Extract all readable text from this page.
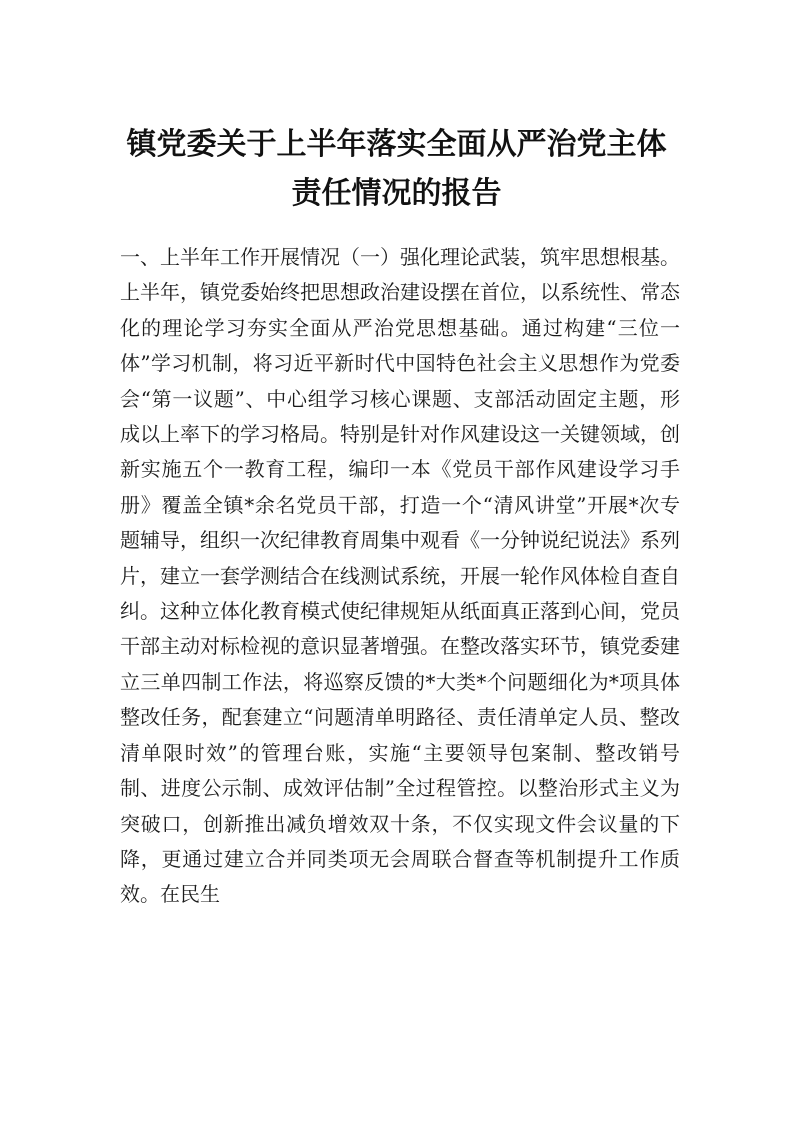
镇党委关于上半年落实全面从严治党主体
责任情况的报告

一、上半年工作开展情况（一）强化理论武装，筑牢思想根基。上半年，镇党委始终把思想政治建设摆在首位，以系统性、常态化的理论学习夯实全面从严治党思想基础。通过构建“三位一体”学习机制，将习近平新时代中国特色社会主义思想作为党委会“第一议题”、中心组学习核心课题、支部活动固定主题，形成以上率下的学习格局。特别是针对作风建设这一关键领域，创新实施五个一教育工程，编印一本《党员干部作风建设学习手册》覆盖全镇*余名党员干部，打造一个“清风讲堂”开展*次专题辅导，组织一次纪律教育周集中观看《一分钟说纪说法》系列片，建立一套学测结合在线测试系统，开展一轮作风体检自查自纠。这种立体化教育模式使纪律规矩从纸面真正落到心间，党员干部主动对标检视的意识显著增强。在整改落实环节，镇党委建立三单四制工作法，将巡察反馈的*大类*个问题细化为*项具体整改任务，配套建立“问题清单明路径、责任清单定人员、整改清单限时效”的管理台账，实施“主要领导包案制、整改销号制、进度公示制、成效评估制”全过程管控。以整治形式主义为突破口，创新推出减负增效双十条，不仅实现文件会议量的下降，更通过建立合并同类项无会周联合督查等机制提升工作质效。在民生
